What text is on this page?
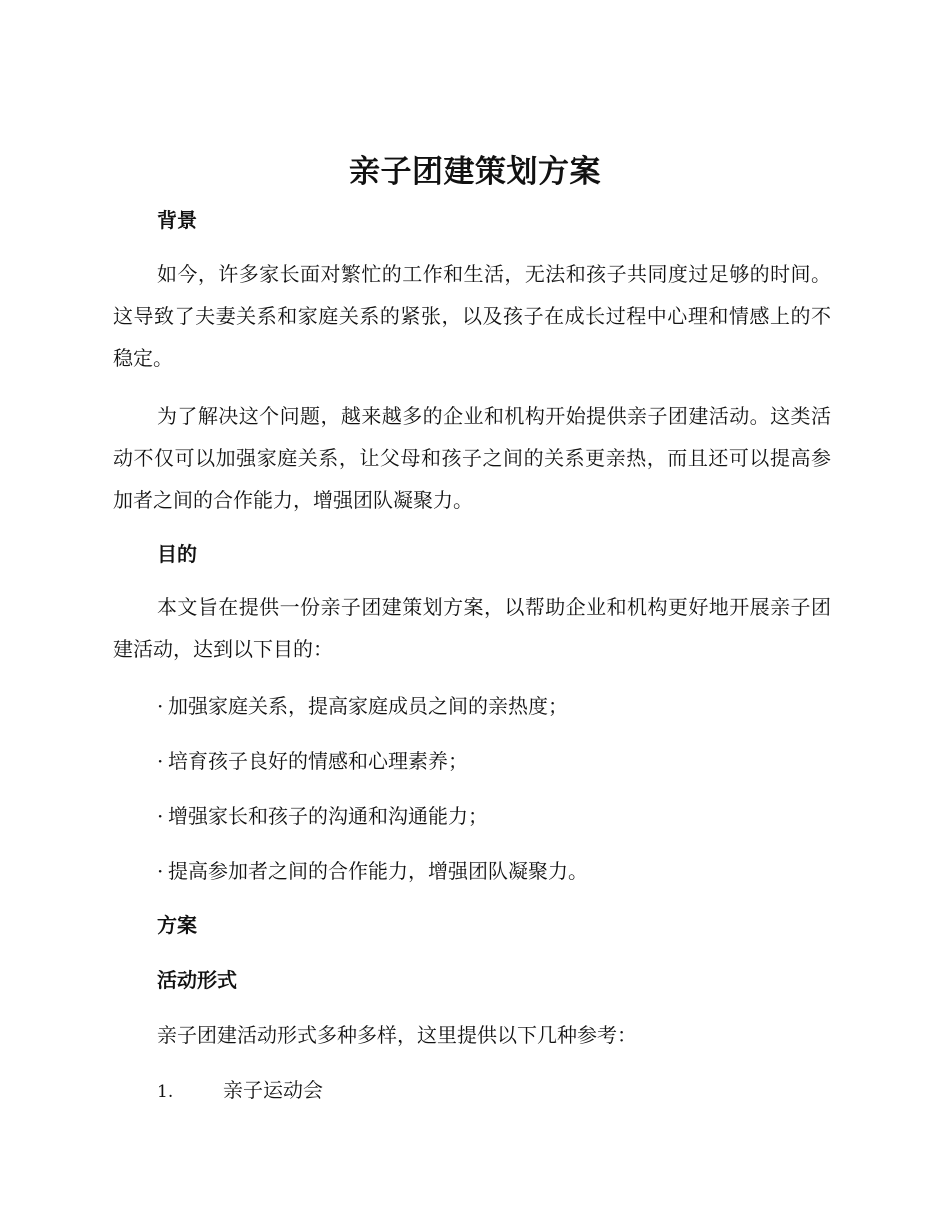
亲子团建策划方案
背景

如今，许多家长面对繁忙的工作和生活，无法和孩子共同度过足够的时间。这导致了夫妻关系和家庭关系的紧张，以及孩子在成长过程中心理和情感上的不稳定。

为了解决这个问题，越来越多的企业和机构开始提供亲子团建活动。这类活动不仅可以加强家庭关系，让父母和孩子之间的关系更亲热，而且还可以提高参加者之间的合作能力，增强团队凝聚力。

目的

本文旨在提供一份亲子团建策划方案，以帮助企业和机构更好地开展亲子团建活动，达到以下目的：

· 加强家庭关系，提高家庭成员之间的亲热度；
· 培育孩子良好的情感和心理素养；
· 增强家长和孩子的沟通和沟通能力；
· 提高参加者之间的合作能力，增强团队凝聚力。
方案
活动形式
亲子团建活动形式多种多样，这里提供以下几种参考：
1. 亲子运动会
